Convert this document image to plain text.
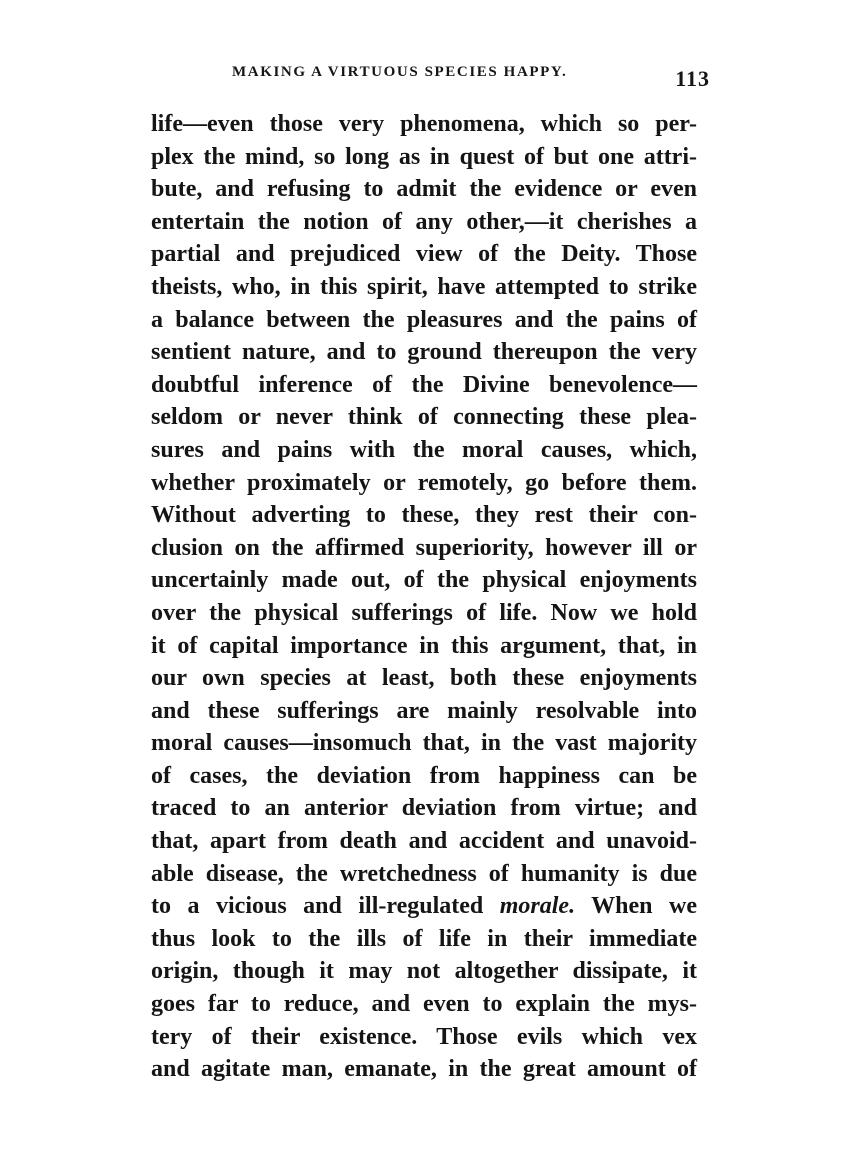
MAKING A VIRTUOUS SPECIES HAPPY.	113
life—even those very phenomena, which so per-
plex the mind, so long as in quest of but one attri-
bute, and refusing to admit the evidence or even
entertain the notion of any other,—it cherishes a
partial and prejudiced view of the Deity. Those
theists, who, in this spirit, have attempted to strike
a balance between the pleasures and the pains of
sentient nature, and to ground thereupon the very
doubtful inference of the Divine benevolence—
seldom or never think of connecting these plea-
sures and pains with the moral causes, which,
whether proximately or remotely, go before them.
Without adverting to these, they rest their con-
clusion on the affirmed superiority, however ill or
uncertainly made out, of the physical enjoyments
over the physical sufferings of life. Now we hold
it of capital importance in this argument, that, in
our own species at least, both these enjoyments
and these sufferings are mainly resolvable into
moral causes—insomuch that, in the vast majority
of cases, the deviation from happiness can be
traced to an anterior deviation from virtue; and
that, apart from death and accident and unavoid-
able disease, the wretchedness of humanity is due
to a vicious and ill-regulated morale. When we
thus look to the ills of life in their immediate
origin, though it may not altogether dissipate, it
goes far to reduce, and even to explain the mys-
tery of their existence. Those evils which vex
and agitate man, emanate, in the great amount of
